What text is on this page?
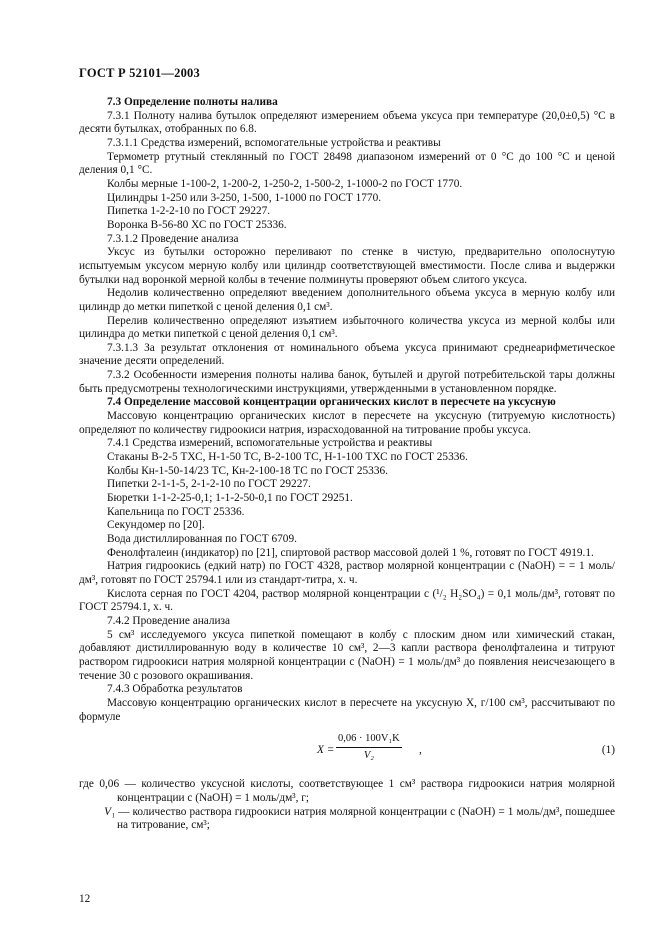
ГОСТ Р 52101—2003

7.3 Определение полноты налива

7.3.1 Полноту налива бутылок определяют измерением объема уксуса при температуре (20,0±0,5) °С в десяти бутылках, отобранных по 6.8.

7.3.1.1 Средства измерений, вспомогательные устройства и реактивы

Термометр ртутный стеклянный по ГОСТ 28498 диапазоном измерений от 0 °С до 100 °С и ценой деления 0,1 °С.

Колбы мерные 1-100-2, 1-200-2, 1-250-2, 1-500-2, 1-1000-2 по ГОСТ 1770.

Цилиндры 1-250 или 3-250, 1-500, 1-1000 по ГОСТ 1770.

Пипетка 1-2-2-10 по ГОСТ 29227.

Воронка В-56-80 ХС по ГОСТ 25336.

7.3.1.2 Проведение анализа

Уксус из бутылки осторожно переливают по стенке в чистую, предварительно ополоснутую испытуемым уксусом мерную колбу или цилиндр соответствующей вместимости. После слива и выдержки бутылки над воронкой мерной колбы в течение полминуты проверяют объем слитого уксуса.

Недолив количественно определяют введением дополнительного объема уксуса в мерную колбу или цилиндр до метки пипеткой с ценой деления 0,1 см³.

Перелив количественно определяют изъятием избыточного количества уксуса из мерной колбы или цилиндра до метки пипеткой с ценой деления 0,1 см³.

7.3.1.3 За результат отклонения от номинального объема уксуса принимают среднеарифметическое значение десяти определений.

7.3.2 Особенности измерения полноты налива банок, бутылей и другой потребительской тары должны быть предусмотрены технологическими инструкциями, утвержденными в установленном порядке.

7.4 Определение массовой концентрации органических кислот в пересчете на уксусную

Массовую концентрацию органических кислот в пересчете на уксусную (титруемую кислотность) определяют по количеству гидроокиси натрия, израсходованной на титрование пробы уксуса.

7.4.1 Средства измерений, вспомогательные устройства и реактивы

Стаканы В-2-5 ТХС, Н-1-50 ТС, В-2-100 ТС, Н-1-100 ТХС по ГОСТ 25336.

Колбы Кн-1-50-14/23 ТС, Кн-2-100-18 ТС по ГОСТ 25336.

Пипетки 2-1-1-5, 2-1-2-10 по ГОСТ 29227.

Бюретки 1-1-2-25-0,1; 1-1-2-50-0,1 по ГОСТ 29251.

Капельница по ГОСТ 25336.

Секундомер по [20].

Вода дистиллированная по ГОСТ 6709.

Фенолфталеин (индикатор) по [21], спиртовой раствор массовой долей 1 %, готовят по ГОСТ 4919.1.

Натрия гидроокись (едкий натр) по ГОСТ 4328, раствор молярной концентрации c (NaOH) = = 1 моль/дм³, готовят по ГОСТ 25794.1 или из стандарт-титра, х. ч.

Кислота серная по ГОСТ 4204, раствор молярной концентрации c (¹/₂ H₂SO₄) = 0,1 моль/дм³, готовят по ГОСТ 25794.1, х. ч.

7.4.2 Проведение анализа

5 см³ исследуемого уксуса пипеткой помещают в колбу с плоским дном или химический стакан, добавляют дистиллированную воду в количестве 10 см³, 2—3 капли раствора фенолфталеина и титруют раствором гидроокиси натрия молярной концентрации c (NaOH) = 1 моль/дм³ до появления неисчезающего в течение 30 с розового окрашивания.

7.4.3 Обработка результатов

Массовую концентрацию органических кислот в пересчете на уксусную X, г/100 см³, рассчитывают по формуле

$X = \frac{\text{0,06 · 100V₁K}}{\text{V₂}}$ ,	(1)

где 0,06 — количество уксусной кислоты, соответствующее 1 см³ раствора гидроокиси натрия молярной концентрации c (NaOH) = 1 моль/дм³, г;

V₁ — количество раствора гидроокиси натрия молярной концентрации c (NaOH) = 1 моль/дм³, пошедшее на титрование, см³;

12
